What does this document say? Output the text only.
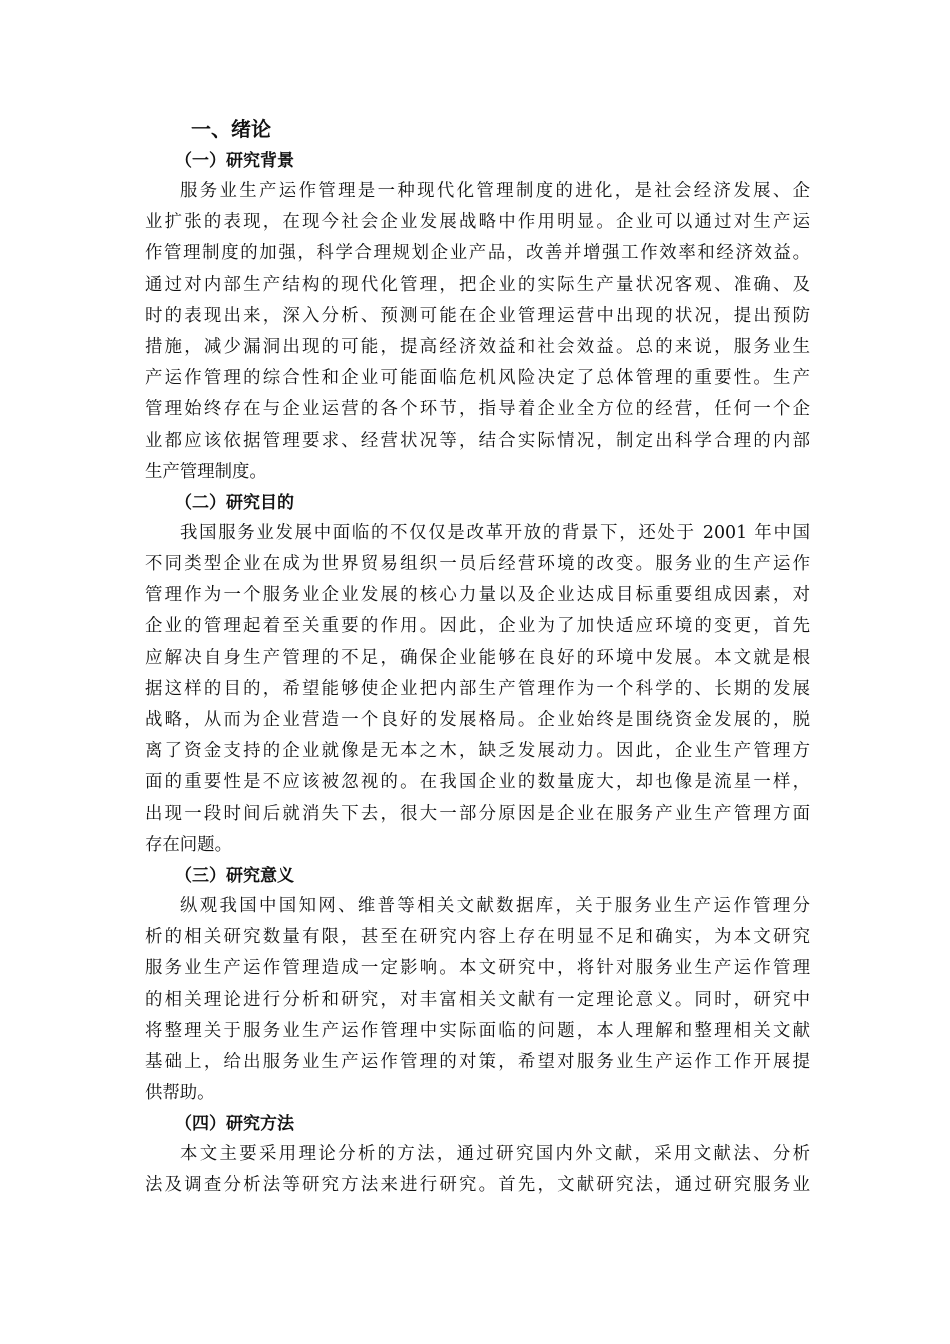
一、绪论
（一）研究背景
服务业生产运作管理是一种现代化管理制度的进化，是社会经济发展、企
业扩张的表现，在现今社会企业发展战略中作用明显。企业可以通过对生产运
作管理制度的加强，科学合理规划企业产品，改善并增强工作效率和经济效益。
通过对内部生产结构的现代化管理，把企业的实际生产量状况客观、准确、及
时的表现出来，深入分析、预测可能在企业管理运营中出现的状况，提出预防
措施，减少漏洞出现的可能，提高经济效益和社会效益。总的来说，服务业生
产运作管理的综合性和企业可能面临危机风险决定了总体管理的重要性。生产
管理始终存在与企业运营的各个环节，指导着企业全方位的经营，任何一个企
业都应该依据管理要求、经营状况等，结合实际情况，制定出科学合理的内部
生产管理制度。
（二）研究目的
我国服务业发展中面临的不仅仅是改革开放的背景下，还处于 2001 年中国
不同类型企业在成为世界贸易组织一员后经营环境的改变。服务业的生产运作
管理作为一个服务业企业发展的核心力量以及企业达成目标重要组成因素，对
企业的管理起着至关重要的作用。因此，企业为了加快适应环境的变更，首先
应解决自身生产管理的不足，确保企业能够在良好的环境中发展。本文就是根
据这样的目的，希望能够使企业把内部生产管理作为一个科学的、长期的发展
战略，从而为企业营造一个良好的发展格局。企业始终是围绕资金发展的，脱
离了资金支持的企业就像是无本之木，缺乏发展动力。因此，企业生产管理方
面的重要性是不应该被忽视的。在我国企业的数量庞大，却也像是流星一样，
出现一段时间后就消失下去，很大一部分原因是企业在服务产业生产管理方面
存在问题。
（三）研究意义
纵观我国中国知网、维普等相关文献数据库，关于服务业生产运作管理分
析的相关研究数量有限，甚至在研究内容上存在明显不足和确实，为本文研究
服务业生产运作管理造成一定影响。本文研究中，将针对服务业生产运作管理
的相关理论进行分析和研究，对丰富相关文献有一定理论意义。同时，研究中
将整理关于服务业生产运作管理中实际面临的问题，本人理解和整理相关文献
基础上，给出服务业生产运作管理的对策，希望对服务业生产运作工作开展提
供帮助。
（四）研究方法
本文主要采用理论分析的方法，通过研究国内外文献，采用文献法、分析
法及调查分析法等研究方法来进行研究。首先，文献研究法，通过研究服务业
